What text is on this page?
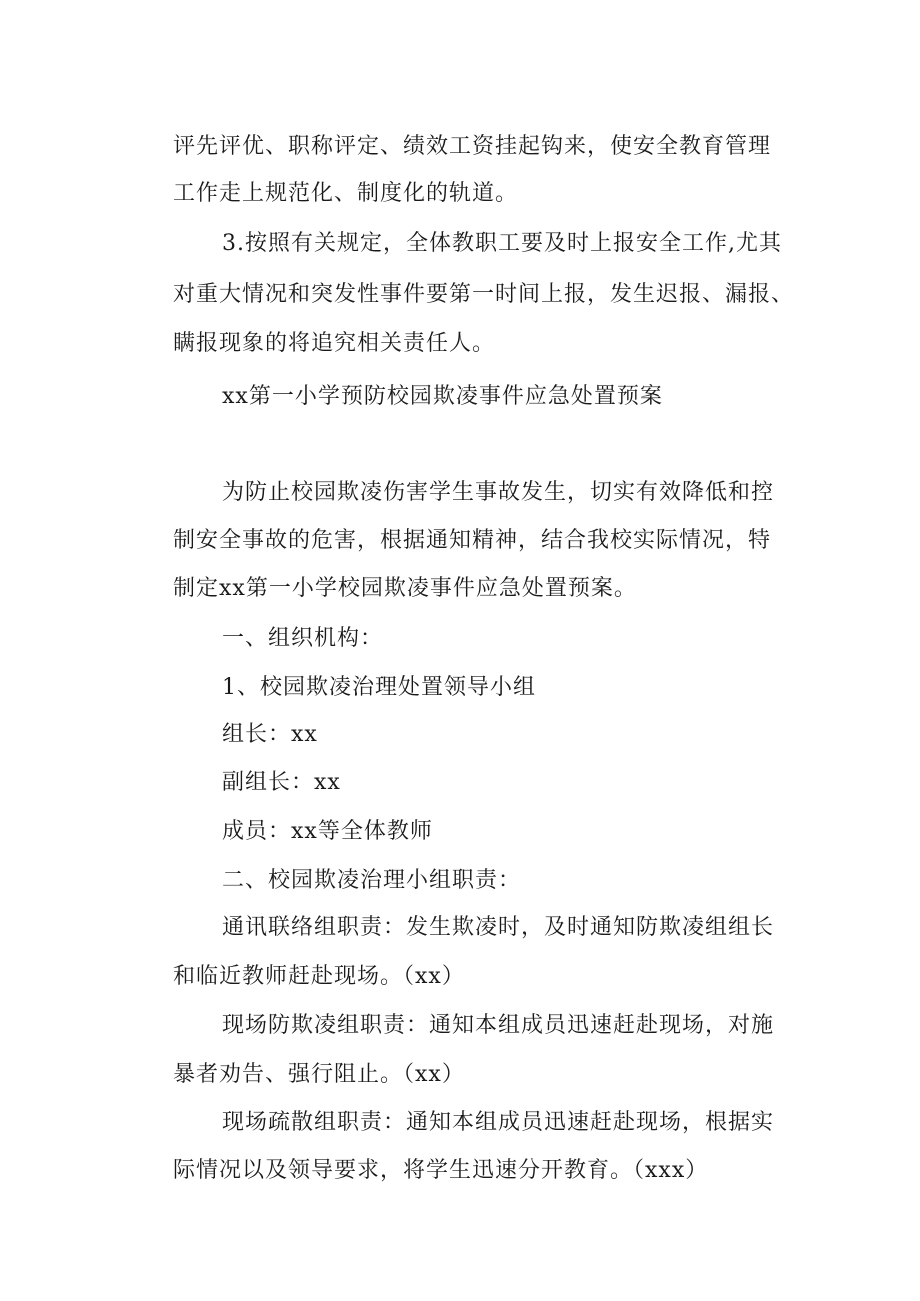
评先评优、职称评定、绩效工资挂起钩来，使安全教育管理
工作走上规范化、制度化的轨道。
3.按照有关规定，全体教职工要及时上报安全工作,尤其
对重大情况和突发性事件要第一时间上报，发生迟报、漏报、
瞒报现象的将追究相关责任人。
xx第一小学预防校园欺凌事件应急处置预案
为防止校园欺凌伤害学生事故发生，切实有效降低和控
制安全事故的危害，根据通知精神，结合我校实际情况，特
制定xx第一小学校园欺凌事件应急处置预案。
一、组织机构：
1、校园欺凌治理处置领导小组
组长：xx
副组长：xx
成员：xx等全体教师
二、校园欺凌治理小组职责：
通讯联络组职责：发生欺凌时，及时通知防欺凌组组长
和临近教师赶赴现场。（xx）
现场防欺凌组职责：通知本组成员迅速赶赴现场，对施
暴者劝告、强行阻止。（xx）
现场疏散组职责：通知本组成员迅速赶赴现场，根据实
际情况以及领导要求，将学生迅速分开教育。（xxx）
